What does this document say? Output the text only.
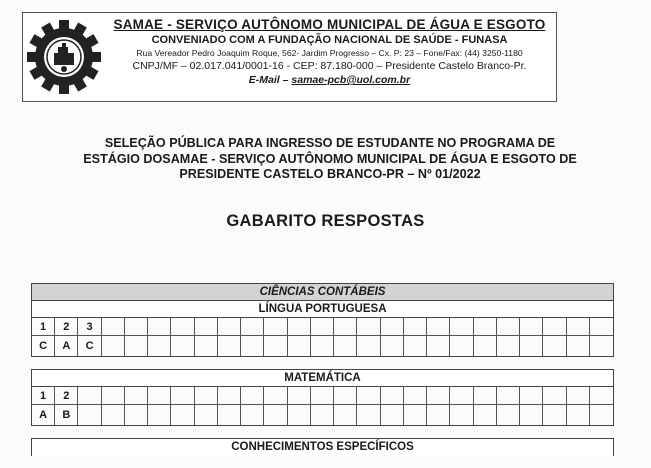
SAMAE - SERVIÇO AUTÔNOMO MUNICIPAL DE ÁGUA E ESGOTO
CONVENIADO COM A FUNDAÇÃO NACIONAL DE SAÚDE - FUNASA
Rua Vereador Pedro Joaquim Roque, 562- Jardim Progresso – Cx. P: 23 – Fone/Fax: (44) 3250-1180
CNPJ/MF – 02.017.041/0001-16 - CEP: 87.180-000 – Presidente Castelo Branco-Pr.
E-Mail – samae-pcb@uol.com.br
SELEÇÃO PÚBLICA PARA INGRESSO DE ESTUDANTE NO PROGRAMA DE
ESTÁGIO DOSAMAE - SERVIÇO AUTÔNOMO MUNICIPAL DE ÁGUA E ESGOTO DE
PRESIDENTE CASTELO BRANCO-PR – Nº 01/2022
GABARITO RESPOSTAS
CIÊNCIAS CONTÁBEIS
LÍNGUA PORTUGUESA
1	2	3
C	A	C
MATEMÁTICA
1	2
A	B
CONHECIMENTOS ESPECÍFICOS
